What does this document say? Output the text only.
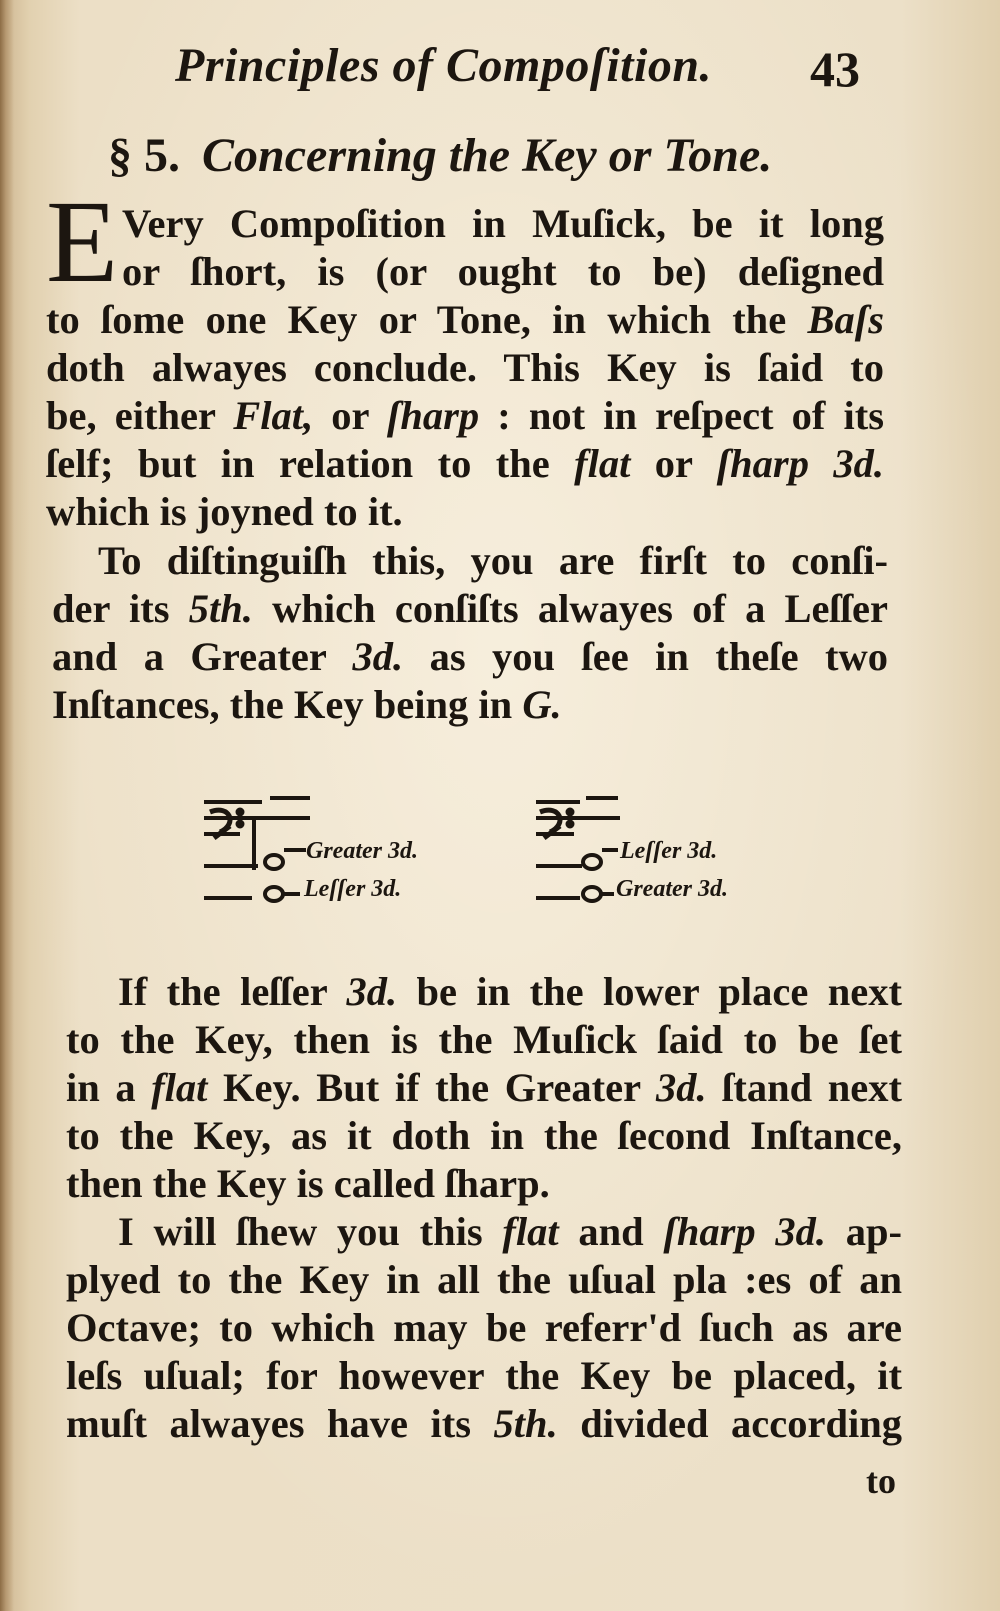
Principles of Compoſition. 43
§ 5. Concerning the Key or Tone.
E Very Compoſition in Muſick, be it long
or ſhort, is (or ought to be) deſigned
to ſome one Key or Tone, in which the Baſs
doth alwayes conclude. This Key is ſaid to
be, either Flat, or ſharp : not in reſpect of its
ſelf; but in relation to the flat or ſharp 3d.
which is joyned to it.
To diſtinguiſh this, you are firſt to conſi-
der its 5th. which conſiſts alwayes of a Leſſer
and a Greater 3d. as you ſee in theſe two
Inſtances, the Key being in G.
Greater 3d.
Leſſer 3d.
Leſſer 3d.
Greater 3d.
If the leſſer 3d. be in the lower place next
to the Key, then is the Muſick ſaid to be ſet
in a flat Key. But if the Greater 3d. ſtand next
to the Key, as it doth in the ſecond Inſtance,
then the Key is called ſharp.
I will ſhew you this flat and ſharp 3d. ap-
plyed to the Key in all the uſual pla :es of an
Octave; to which may be referr'd ſuch as are
leſs uſual; for however the Key be placed, it
muſt alwayes have its 5th. divided according
to
